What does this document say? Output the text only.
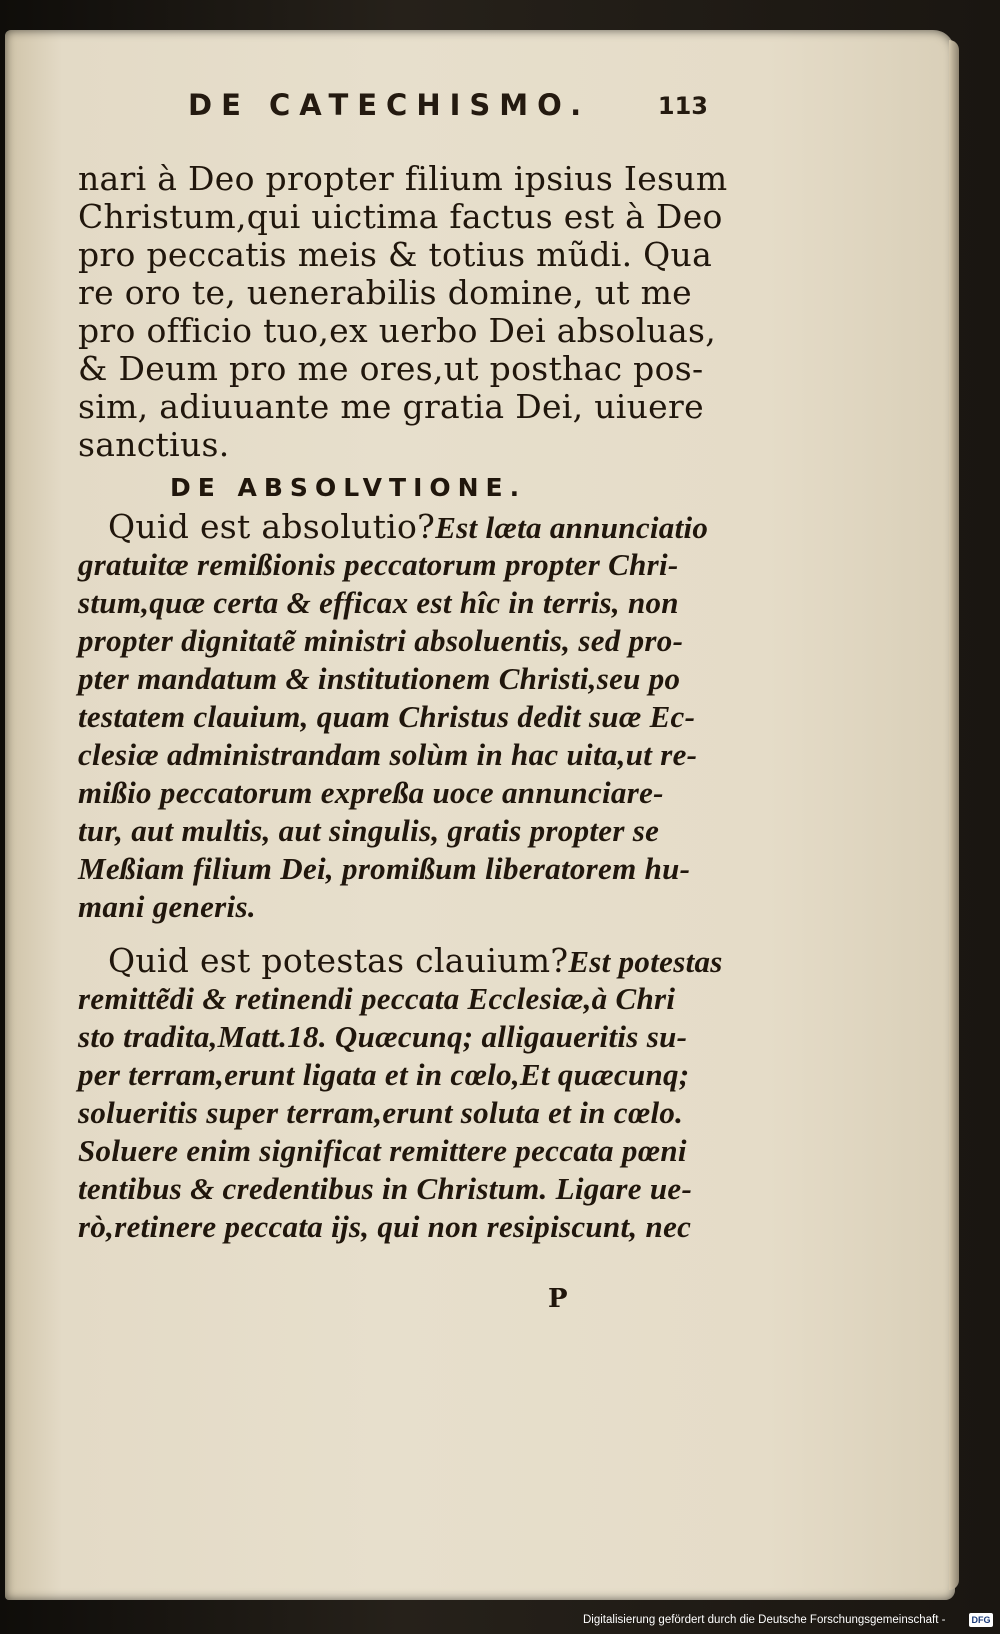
DE CATECHISMO.	113
nari à Deo propter filium ipsius Iesum
Christum,qui uictima factus est à Deo
pro peccatis meis & totius mũdi. Qua
re oro te, uenerabilis domine, ut me
pro officio tuo,ex uerbo Dei absoluas,
& Deum pro me ores,ut posthac pos-
sim, adiuuante me gratia Dei, uiuere
sanctius.
DE ABSOLVTIONE.
Quid est absolutio?Est læta annunciatio
gratuitæ remißionis peccatorum propter Chri-
stum,quæ certa & efficax est hîc in terris, non
propter dignitatẽ ministri absoluentis, sed pro-
pter mandatum & institutionem Christi,seu po
testatem clauium, quam Christus dedit suæ Ec-
clesiæ administrandam solùm in hac uita,ut re-
mißio peccatorum expreßa uoce annunciare-
tur, aut multis, aut singulis, gratis propter se
Meßiam filium Dei, promißum liberatorem hu-
mani generis.
Quid est potestas clauium?Est potestas
remittẽdi & retinendi peccata Ecclesiæ,à Chri
sto tradita,Matt.18. Quæcunq; alligaueritis su-
per terram,erunt ligata et in cœlo,Et quæcunq;
solueritis super terram,erunt soluta et in cœlo.
Soluere enim significat remittere peccata pœni
tentibus & credentibus in Christum. Ligare ue-
rò,retinere peccata ijs, qui non resipiscunt, nec
P
Digitalisierung gefördert durch die Deutsche Forschungsgemeinschaft -	DFG
